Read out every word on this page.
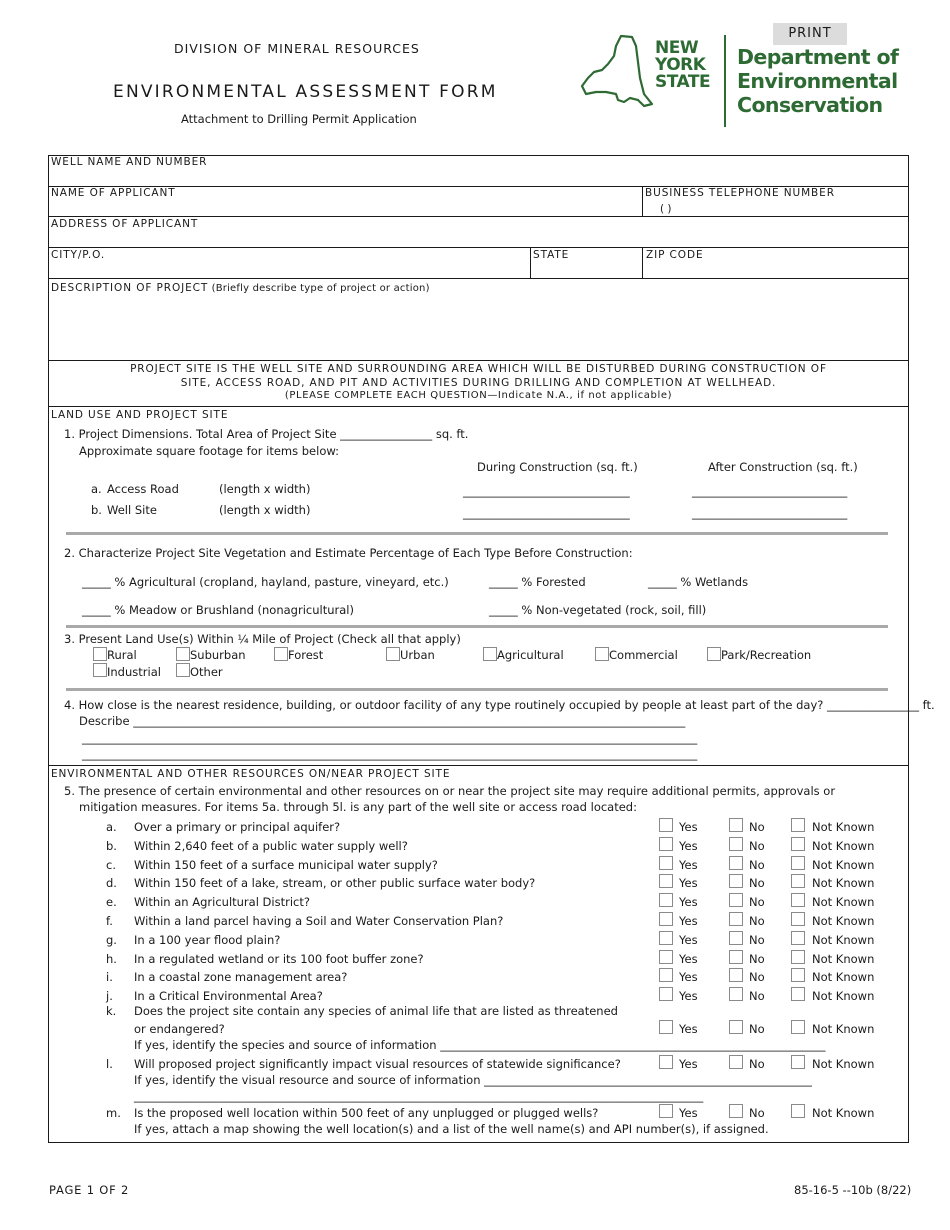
DIVISION OF MINERAL RESOURCES
ENVIRONMENTAL ASSESSMENT FORM
Attachment to Drilling Permit Application
PRINT
NEW
YORK
STATE
Department of
Environmental
Conservation
WELL NAME AND NUMBER
NAME OF APPLICANT	BUSINESS TELEPHONE NUMBER
( )
ADDRESS OF APPLICANT
CITY/P.O.	STATE	ZIP CODE
DESCRIPTION OF PROJECT (Briefly describe type of project or action)
PROJECT SITE IS THE WELL SITE AND SURROUNDING AREA WHICH WILL BE DISTURBED DURING CONSTRUCTION OF
SITE, ACCESS ROAD, AND PIT AND ACTIVITIES DURING DRILLING AND COMPLETION AT WELLHEAD.
(PLEASE COMPLETE EACH QUESTION—Indicate N.A., if not applicable)
LAND USE AND PROJECT SITE
1. Project Dimensions. Total Area of Project Site ________________ sq. ft.
Approximate square footage for items below:
During Construction (sq. ft.)	After Construction (sq. ft.)
a. Access Road	(length x width)	_____________________________	___________________________
b. Well Site	(length x width)	_____________________________	___________________________
2. Characterize Project Site Vegetation and Estimate Percentage of Each Type Before Construction:
_____ % Agricultural (cropland, hayland, pasture, vineyard, etc.)	_____ % Forested	_____ % Wetlands
_____ % Meadow or Brushland (nonagricultural)	_____ % Non-vegetated (rock, soil, fill)
3. Present Land Use(s) Within ¼ Mile of Project (Check all that apply)
Rural	Suburban	Forest	Urban	Agricultural	Commercial	Park/Recreation
Industrial	Other
4. How close is the nearest residence, building, or outdoor facility of any type routinely occupied by people at least part of the day? ________________ ft.
Describe ________________________________________________________________________________________________
___________________________________________________________________________________________________________
___________________________________________________________________________________________________________
ENVIRONMENTAL AND OTHER RESOURCES ON/NEAR PROJECT SITE
5. The presence of certain environmental and other resources on or near the project site may require additional permits, approvals or
mitigation measures. For items 5a. through 5l. is any part of the well site or access road located:
a. Over a primary or principal aquifer?	Yes	No	Not Known
b. Within 2,640 feet of a public water supply well?	Yes	No	Not Known
c. Within 150 feet of a surface municipal water supply?	Yes	No	Not Known
d. Within 150 feet of a lake, stream, or other public surface water body?	Yes	No	Not Known
e. Within an Agricultural District?	Yes	No	Not Known
f. Within a land parcel having a Soil and Water Conservation Plan?	Yes	No	Not Known
g. In a 100 year flood plain?	Yes	No	Not Known
h. In a regulated wetland or its 100 foot buffer zone?	Yes	No	Not Known
i. In a coastal zone management area?	Yes	No	Not Known
j. In a Critical Environmental Area?	Yes	No	Not Known
k. Does the project site contain any species of animal life that are listed as threatened
or endangered?	Yes	No	Not Known
If yes, identify the species and source of information ___________________________________________________________________
l. Will proposed project significantly impact visual resources of statewide significance?	Yes	No	Not Known
If yes, identify the visual resource and source of information _________________________________________________________
___________________________________________________________________________________________________
m. Is the proposed well location within 500 feet of any unplugged or plugged wells?	Yes	No	Not Known
If yes, attach a map showing the well location(s) and a list of the well name(s) and API number(s), if assigned.
PAGE 1 OF 2	85-16-5 --10b (8/22)
